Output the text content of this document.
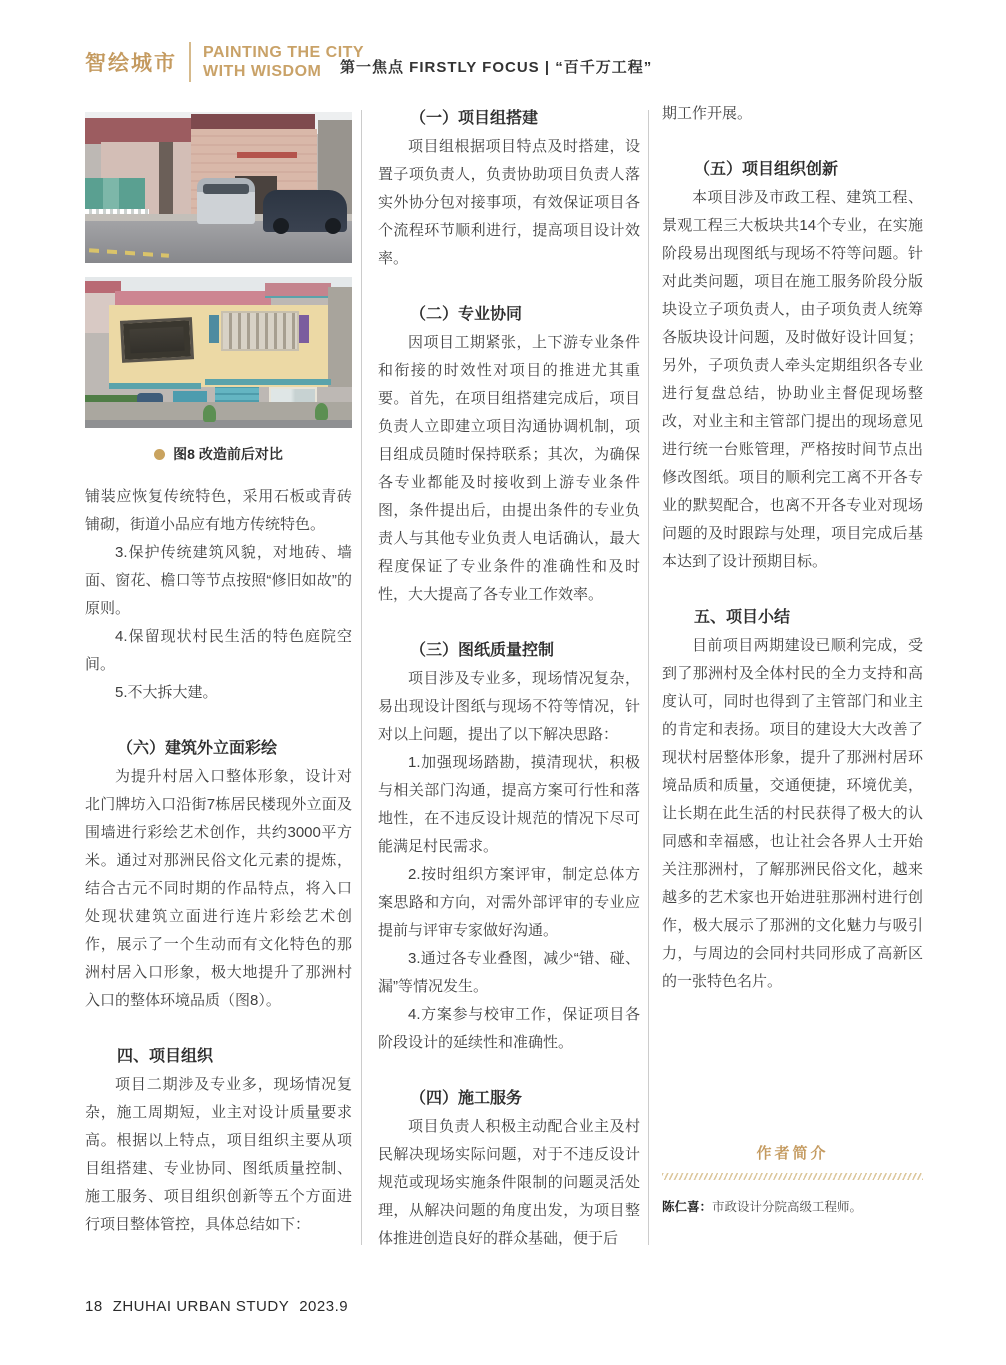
智绘城市 PAINTING THE CITY
WITH WISDOM	第一焦点 FIRSTLY FOCUS | “百千万工程”
图8 改造前后对比

铺装应恢复传统特色，采用石板或青砖铺砌，街道小品应有地方传统特色。

3.保护传统建筑风貌，对地砖、墙面、窗花、檐口等节点按照“修旧如故”的原则。

4.保留现状村民生活的特色庭院空间。

5.不大拆大建。

（六）建筑外立面彩绘

为提升村居入口整体形象，设计对北门牌坊入口沿街7栋居民楼现外立面及围墙进行彩绘艺术创作，共约3000平方米。通过对那洲民俗文化元素的提炼，结合古元不同时期的作品特点，将入口处现状建筑立面进行连片彩绘艺术创作，展示了一个生动而有文化特色的那洲村居入口形象，极大地提升了那洲村入口的整体环境品质（图8）。

四、项目组织

项目二期涉及专业多，现场情况复杂，施工周期短，业主对设计质量要求高。根据以上特点，项目组织主要从项目组搭建、专业协同、图纸质量控制、施工服务、项目组织创新等五个方面进行项目整体管控，具体总结如下：

（一）项目组搭建

项目组根据项目特点及时搭建，设置子项负责人，负责协助项目负责人落实外协分包对接事项，有效保证项目各个流程环节顺利进行，提高项目设计效率。

（二）专业协同

因项目工期紧张，上下游专业条件和衔接的时效性对项目的推进尤其重要。首先，在项目组搭建完成后，项目负责人立即建立项目沟通协调机制，项目组成员随时保持联系；其次，为确保各专业都能及时接收到上游专业条件图，条件提出后，由提出条件的专业负责人与其他专业负责人电话确认，最大程度保证了专业条件的准确性和及时性，大大提高了各专业工作效率。

（三）图纸质量控制

项目涉及专业多，现场情况复杂，易出现设计图纸与现场不符等情况，针对以上问题，提出了以下解决思路：

1.加强现场踏勘，摸清现状，积极与相关部门沟通，提高方案可行性和落地性，在不违反设计规范的情况下尽可能满足村民需求。

2.按时组织方案评审，制定总体方案思路和方向，对需外部评审的专业应提前与评审专家做好沟通。

3.通过各专业叠图，减少“错、碰、漏”等情况发生。

4.方案参与校审工作，保证项目各阶段设计的延续性和准确性。

（四）施工服务

项目负责人积极主动配合业主及村民解决现场实际问题，对于不违反设计规范或现场实施条件限制的问题灵活处理，从解决问题的角度出发，为项目整体推进创造良好的群众基础，便于后

期工作开展。

（五）项目组织创新

本项目涉及市政工程、建筑工程、景观工程三大板块共14个专业，在实施阶段易出现图纸与现场不符等问题。针对此类问题，项目在施工服务阶段分版块设立子项负责人，由子项负责人统筹各版块设计问题，及时做好设计回复；另外，子项负责人牵头定期组织各专业进行复盘总结，协助业主督促现场整改，对业主和主管部门提出的现场意见进行统一台账管理，严格按时间节点出修改图纸。项目的顺利完工离不开各专业的默契配合，也离不开各专业对现场问题的及时跟踪与处理，项目完成后基本达到了设计预期目标。

五、项目小结

目前项目两期建设已顺利完成，受到了那洲村及全体村民的全力支持和高度认可，同时也得到了主管部门和业主的肯定和表扬。项目的建设大大改善了现状村居整体形象，提升了那洲村居环境品质和质量，交通便捷，环境优美，让长期在此生活的村民获得了极大的认同感和幸福感，也让社会各界人士开始关注那洲村，了解那洲民俗文化，越来越多的艺术家也开始进驻那洲村进行创作，极大展示了那洲的文化魅力与吸引力，与周边的会同村共同形成了高新区的一张特色名片。

作者简介

陈仁喜：市政设计分院高级工程师。

18 ZHUHAI URBAN STUDY 2023.9
